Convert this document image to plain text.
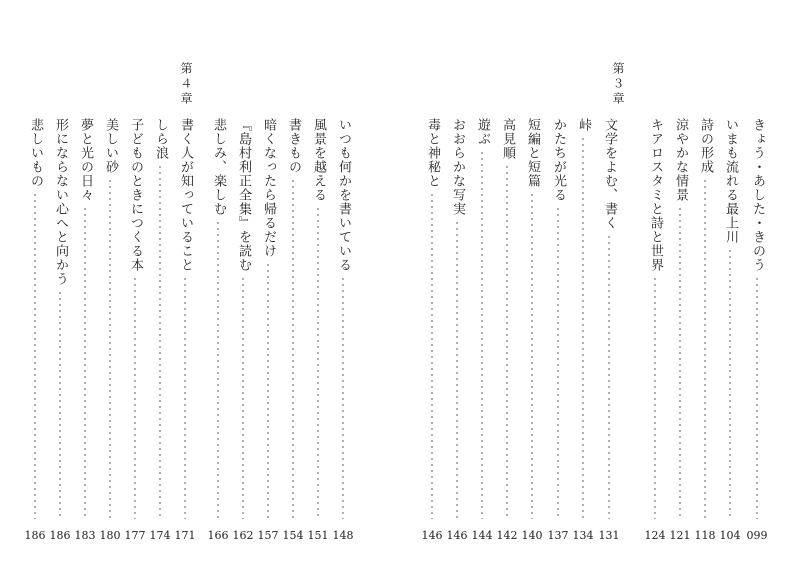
第３章
第４章
きょう・あした・きのう
099
いまも流れる最上川
104
詩の形成
118
涼やかな情景
121
キアロスタミと詩と世界
124
文学をよむ、書く
131
峠
134
かたちが光る
137
短編と短篇
140
高見順
142
遊ぶ
144
おおらかな写実
146
毒と神秘と
146
いつも何かを書いている
148
風景を越える
151
書きもの
154
暗くなったら帰るだけ
157
『島村利正全集』を読む
162
悲しみ、楽しむ
166
書く人が知っていること
171
しら浪
174
子どものときにつくる本
177
美しい砂
180
夢と光の日々
183
形にならない心へと向かう
186
悲しいもの
186
